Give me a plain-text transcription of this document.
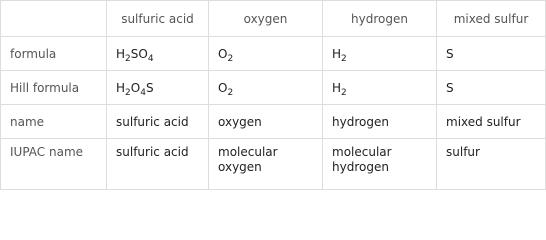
	sulfuric acid	oxygen	hydrogen	mixed sulfur
formula	$H_2SO_4$	$O_2$	$H_2$	S
Hill formula	$H_2O_4S$	$O_2$	$H_2$	S
name	sulfuric acid	oxygen	hydrogen	mixed sulfur
IUPAC name	sulfuric acid	molecular oxygen	molecular hydrogen	sulfur
